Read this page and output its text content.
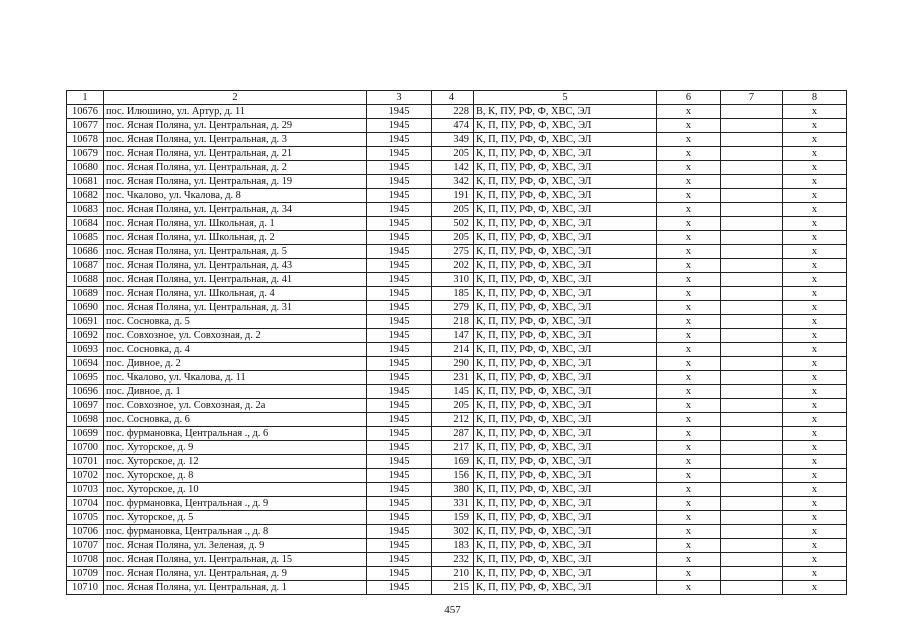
1	2	3	4	5	6	7	8
10676	пос. Илюшино, ул. Артур, д. 11	1945	228	В, К, ПУ, РФ, Ф, ХВС, ЭЛ	х		х
10677	пос. Ясная Поляна, ул. Центральная, д. 29	1945	474	К, П, ПУ, РФ, Ф, ХВС, ЭЛ	х		х
10678	пос. Ясная Поляна, ул. Центральная, д. 3	1945	349	К, П, ПУ, РФ, Ф, ХВС, ЭЛ	х		х
10679	пос. Ясная Поляна, ул. Центральная, д. 21	1945	205	К, П, ПУ, РФ, Ф, ХВС, ЭЛ	х		х
10680	пос. Ясная Поляна, ул. Центральная, д. 2	1945	142	К, П, ПУ, РФ, Ф, ХВС, ЭЛ	х		х
10681	пос. Ясная Поляна, ул. Центральная, д. 19	1945	342	К, П, ПУ, РФ, Ф, ХВС, ЭЛ	х		х
10682	пос. Чкалово, ул. Чкалова, д. 8	1945	191	К, П, ПУ, РФ, Ф, ХВС, ЭЛ	х		х
10683	пос. Ясная Поляна, ул. Центральная, д. 34	1945	205	К, П, ПУ, РФ, Ф, ХВС, ЭЛ	х		х
10684	пос. Ясная Поляна, ул. Школьная, д. 1	1945	502	К, П, ПУ, РФ, Ф, ХВС, ЭЛ	х		х
10685	пос. Ясная Поляна, ул. Школьная, д. 2	1945	205	К, П, ПУ, РФ, Ф, ХВС, ЭЛ	х		х
10686	пос. Ясная Поляна, ул. Центральная, д. 5	1945	275	К, П, ПУ, РФ, Ф, ХВС, ЭЛ	х		х
10687	пос. Ясная Поляна, ул. Центральная, д. 43	1945	202	К, П, ПУ, РФ, Ф, ХВС, ЭЛ	х		х
10688	пос. Ясная Поляна, ул. Центральная, д. 41	1945	310	К, П, ПУ, РФ, Ф, ХВС, ЭЛ	х		х
10689	пос. Ясная Поляна, ул. Школьная, д. 4	1945	185	К, П, ПУ, РФ, Ф, ХВС, ЭЛ	х		х
10690	пос. Ясная Поляна, ул. Центральная, д. 31	1945	279	К, П, ПУ, РФ, Ф, ХВС, ЭЛ	х		х
10691	пос. Сосновка, д. 5	1945	218	К, П, ПУ, РФ, Ф, ХВС, ЭЛ	х		х
10692	пос. Совхозное, ул. Совхозная, д. 2	1945	147	К, П, ПУ, РФ, Ф, ХВС, ЭЛ	х		х
10693	пос. Сосновка, д. 4	1945	214	К, П, ПУ, РФ, Ф, ХВС, ЭЛ	х		х
10694	пос. Дивное, д. 2	1945	290	К, П, ПУ, РФ, Ф, ХВС, ЭЛ	х		х
10695	пос. Чкалово, ул. Чкалова, д. 11	1945	231	К, П, ПУ, РФ, Ф, ХВС, ЭЛ	х		х
10696	пос. Дивное, д. 1	1945	145	К, П, ПУ, РФ, Ф, ХВС, ЭЛ	х		х
10697	пос. Совхозное, ул. Совхозная, д. 2а	1945	205	К, П, ПУ, РФ, Ф, ХВС, ЭЛ	х		х
10698	пос. Сосновка, д. 6	1945	212	К, П, ПУ, РФ, Ф, ХВС, ЭЛ	х		х
10699	пос. фурмановка, Центральная ., д. 6	1945	287	К, П, ПУ, РФ, Ф, ХВС, ЭЛ	х		х
10700	пос. Хуторское, д. 9	1945	217	К, П, ПУ, РФ, Ф, ХВС, ЭЛ	х		х
10701	пос. Хуторское, д. 12	1945	169	К, П, ПУ, РФ, Ф, ХВС, ЭЛ	х		х
10702	пос. Хуторское, д. 8	1945	156	К, П, ПУ, РФ, Ф, ХВС, ЭЛ	х		х
10703	пос. Хуторское, д. 10	1945	380	К, П, ПУ, РФ, Ф, ХВС, ЭЛ	х		х
10704	пос. фурмановка, Центральная ., д. 9	1945	331	К, П, ПУ, РФ, Ф, ХВС, ЭЛ	х		х
10705	пос. Хуторское, д. 5	1945	159	К, П, ПУ, РФ, Ф, ХВС, ЭЛ	х		х
10706	пос. фурмановка, Центральная ., д. 8	1945	302	К, П, ПУ, РФ, Ф, ХВС, ЭЛ	х		х
10707	пос. Ясная Поляна, ул. Зеленая, д. 9	1945	183	К, П, ПУ, РФ, Ф, ХВС, ЭЛ	х		х
10708	пос. Ясная Поляна, ул. Центральная, д. 15	1945	232	К, П, ПУ, РФ, Ф, ХВС, ЭЛ	х		х
10709	пос. Ясная Поляна, ул. Центральная, д. 9	1945	210	К, П, ПУ, РФ, Ф, ХВС, ЭЛ	х		х
10710	пос. Ясная Поляна, ул. Центральная, д. 1	1945	215	К, П, ПУ, РФ, Ф, ХВС, ЭЛ	х		х
457
